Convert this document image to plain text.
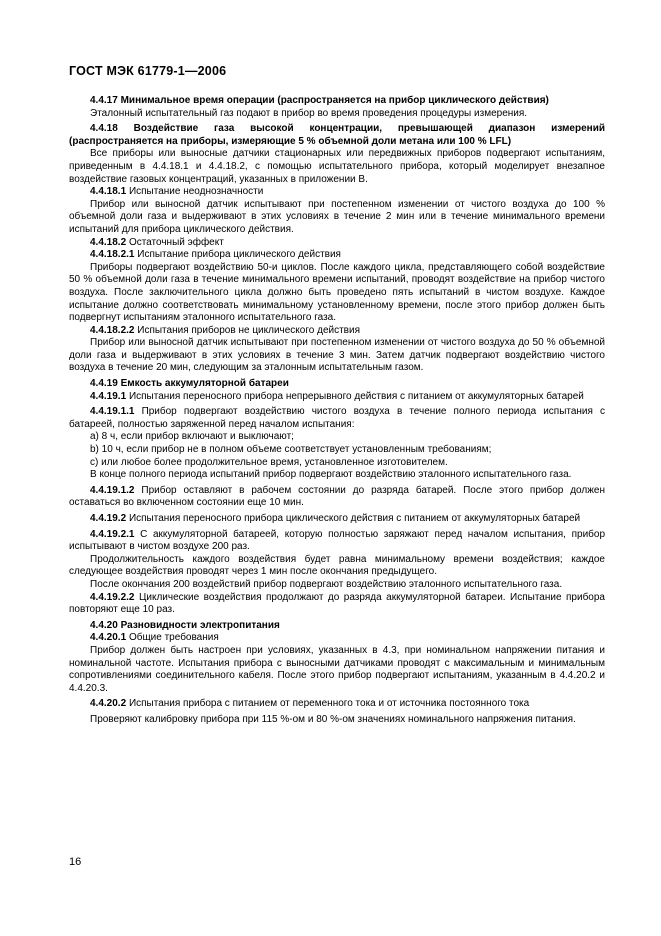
ГОСТ МЭК 61779-1—2006

4.4.17 Минимальное время операции (распространяется на прибор циклического действия)

Эталонный испытательный газ подают в прибор во время проведения процедуры измерения.

4.4.18 Воздействие газа высокой концентрации, превышающей диапазон измерений (распространяется на приборы, измеряющие 5 % объемной доли метана или 100 % LFL)

Все приборы или выносные датчики стационарных или передвижных приборов подвергают испытаниям, приведенным в 4.4.18.1 и 4.4.18.2, с помощью испытательного прибора, который моделирует внезапное воздействие газовых концентраций, указанных в приложении В.

4.4.18.1 Испытание неоднозначности

Прибор или выносной датчик испытывают при постепенном изменении от чистого воздуха до 100 % объемной доли газа и выдерживают в этих условиях в течение 2 мин или в течение минимального времени испытаний для прибора циклического действия.

4.4.18.2 Остаточный эффект

4.4.18.2.1 Испытание прибора циклического действия

Приборы подвергают воздействию 50-и циклов. После каждого цикла, представляющего собой воздействие 50 % объемной доли газа в течение минимального времени испытаний, проводят воздействие на прибор чистого воздуха. После заключительного цикла должно быть проведено пять испытаний в чистом воздухе. Каждое испытание должно соответствовать минимальному установленному времени, после этого прибор должен быть подвергнут испытаниям эталонного испытательного газа.

4.4.18.2.2 Испытания приборов не циклического действия

Прибор или выносной датчик испытывают при постепенном изменении от чистого воздуха до 50 % объемной доли газа и выдерживают в этих условиях в течение 3 мин. Затем датчик подвергают воздействию чистого воздуха в течение 20 мин, следующим за эталонным испытательным газом.

4.4.19 Емкость аккумуляторной батареи

4.4.19.1 Испытания переносного прибора непрерывного действия с питанием от аккумуляторных батарей

4.4.19.1.1 Прибор подвергают воздействию чистого воздуха в течение полного периода испытания с батареей, полностью заряженной перед началом испытания:

а) 8 ч, если прибор включают и выключают;

b) 10 ч, если прибор не в полном объеме соответствует установленным требованиям;

с) или любое более продолжительное время, установленное изготовителем.

В конце полного периода испытаний прибор подвергают воздействию эталонного испытательного газа.

4.4.19.1.2 Прибор оставляют в рабочем состоянии до разряда батарей. После этого прибор должен оставаться во включенном состоянии еще 10 мин.

4.4.19.2 Испытания переносного прибора циклического действия с питанием от аккумуляторных батарей

4.4.19.2.1 С аккумуляторной батареей, которую полностью заряжают перед началом испытания, прибор испытывают в чистом воздухе 200 раз.

Продолжительность каждого воздействия будет равна минимальному времени воздействия; каждое следующее воздействия проводят через 1 мин после окончания предыдущего.

После окончания 200 воздействий прибор подвергают воздействию эталонного испытательного газа.

4.4.19.2.2 Циклические воздействия продолжают до разряда аккумуляторной батареи. Испытание прибора повторяют еще 10 раз.

4.4.20 Разновидности электропитания

4.4.20.1 Общие требования

Прибор должен быть настроен при условиях, указанных в 4.3, при номинальном напряжении питания и номинальной частоте. Испытания прибора с выносными датчиками проводят с максимальным и минимальным сопротивлениями соединительного кабеля. После этого прибор подвергают испытаниям, указанным в 4.4.20.2 и 4.4.20.3.

4.4.20.2 Испытания прибора с питанием от переменного тока и от источника постоянного тока

Проверяют калибровку прибора при 115 %-ом и 80 %-ом значениях номинального напряжения питания.

16
